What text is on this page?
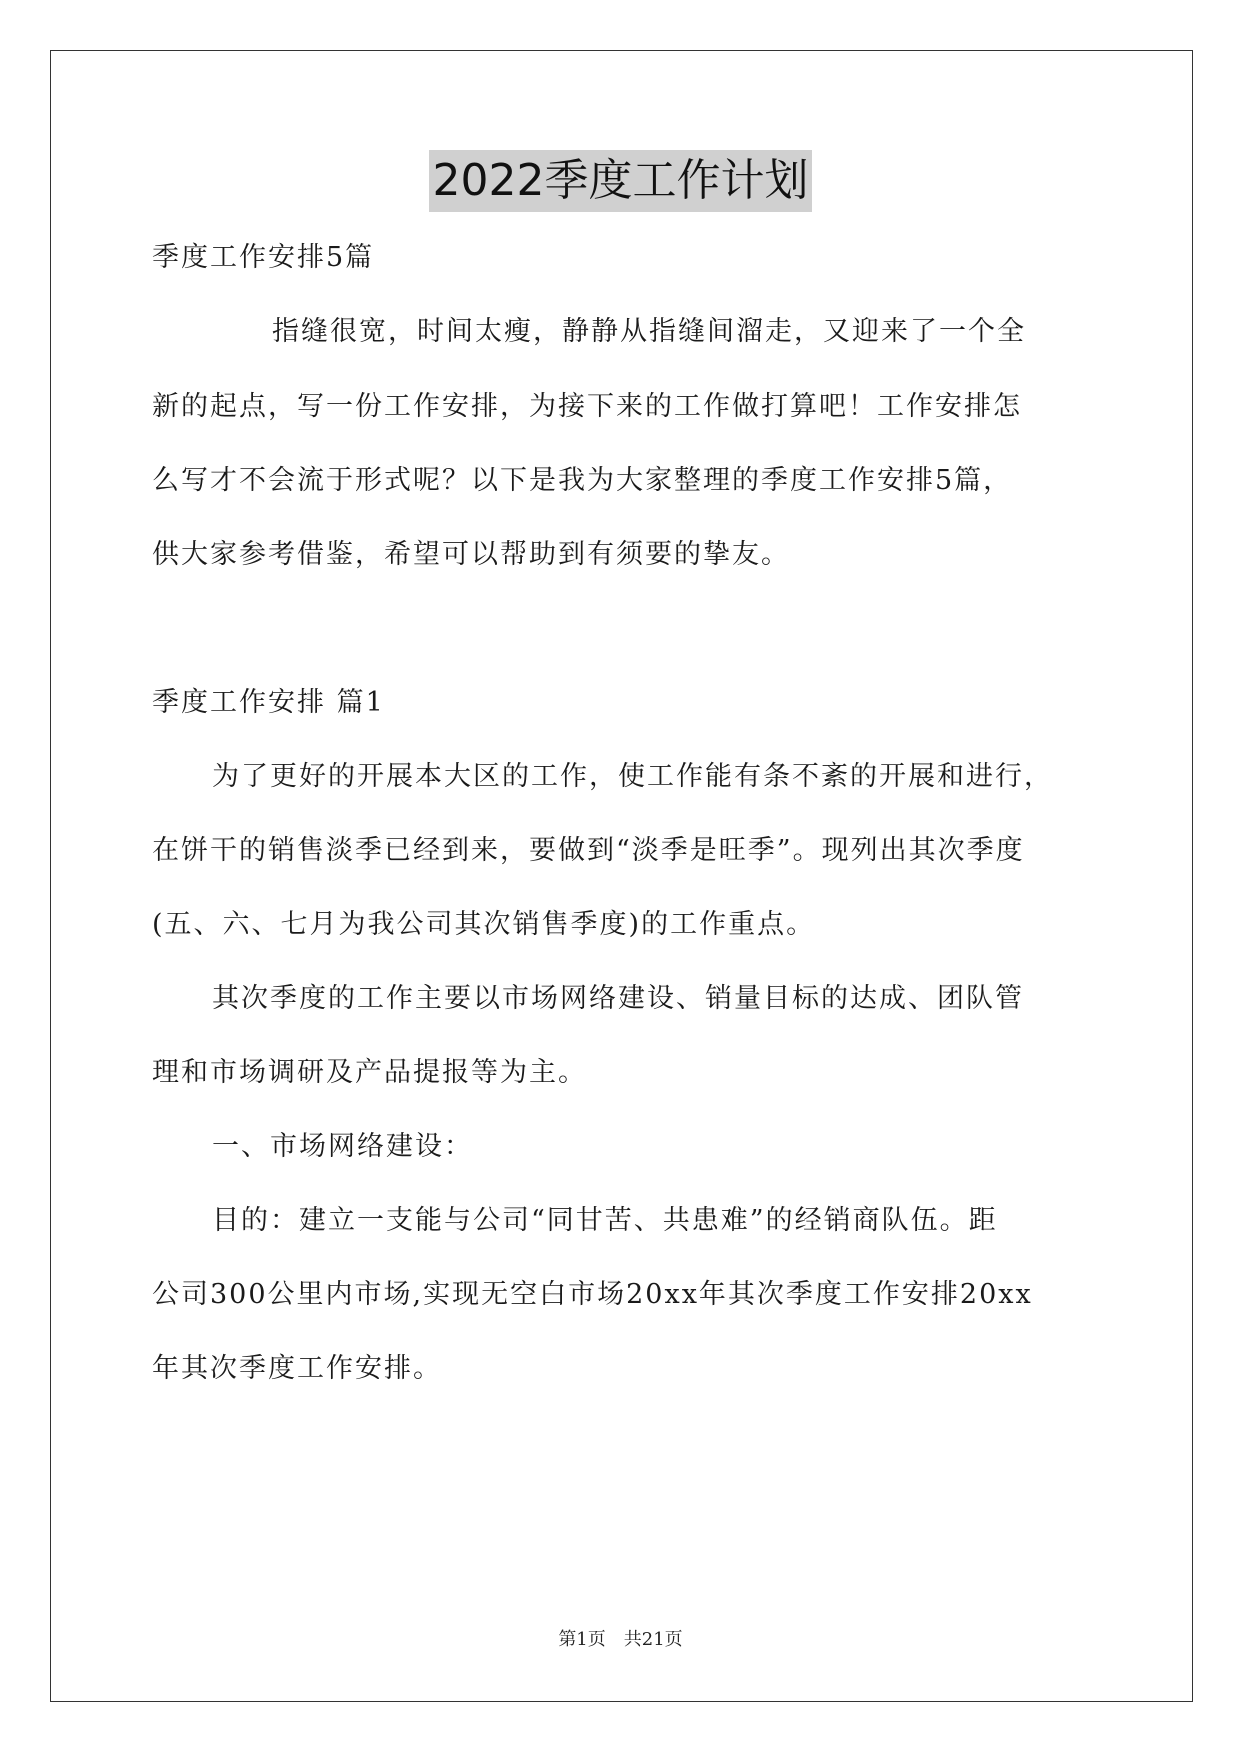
2022季度工作计划
季度工作安排5篇
指缝很宽，时间太瘦，静静从指缝间溜走，又迎来了一个全
新的起点，写一份工作安排，为接下来的工作做打算吧！工作安排怎
么写才不会流于形式呢？以下是我为大家整理的季度工作安排5篇，
供大家参考借鉴，希望可以帮助到有须要的挚友。
季度工作安排 篇1
为了更好的开展本大区的工作，使工作能有条不紊的开展和进行，
在饼干的销售淡季已经到来，要做到“淡季是旺季”。现列出其次季度
(五、六、七月为我公司其次销售季度)的工作重点。
其次季度的工作主要以市场网络建设、销量目标的达成、团队管
理和市场调研及产品提报等为主。
一、市场网络建设：
目的：建立一支能与公司“同甘苦、共患难”的经销商队伍。距
公司300公里内市场,实现无空白市场20xx年其次季度工作安排20xx
年其次季度工作安排。
第1页　共21页
